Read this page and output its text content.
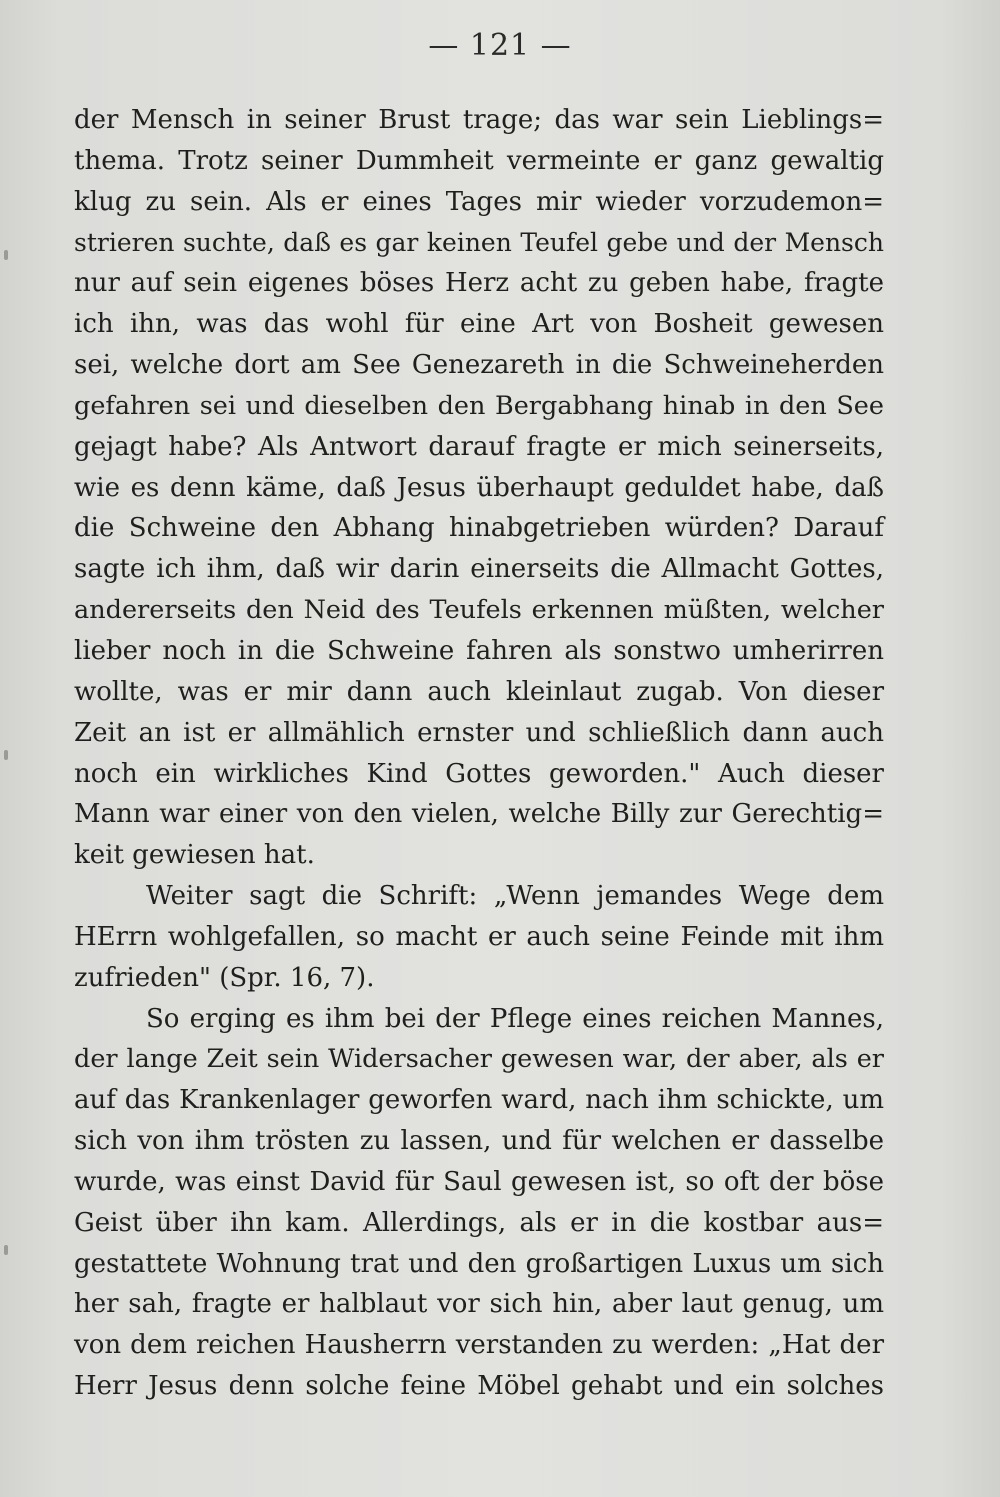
— 121 —
der Mensch in seiner Brust trage; das war sein Lieblings=
thema. Trotz seiner Dummheit vermeinte er ganz gewaltig
klug zu sein. Als er eines Tages mir wieder vorzudemon=
strieren suchte, daß es gar keinen Teufel gebe und der Mensch
nur auf sein eigenes böses Herz acht zu geben habe, fragte
ich ihn, was das wohl für eine Art von Bosheit gewesen
sei, welche dort am See Genezareth in die Schweineherden
gefahren sei und dieselben den Bergabhang hinab in den See
gejagt habe? Als Antwort darauf fragte er mich seinerseits,
wie es denn käme, daß Jesus überhaupt geduldet habe, daß
die Schweine den Abhang hinabgetrieben würden? Darauf
sagte ich ihm, daß wir darin einerseits die Allmacht Gottes,
andererseits den Neid des Teufels erkennen müßten, welcher
lieber noch in die Schweine fahren als sonstwo umherirren
wollte, was er mir dann auch kleinlaut zugab. Von dieser
Zeit an ist er allmählich ernster und schließlich dann auch
noch ein wirkliches Kind Gottes geworden." Auch dieser
Mann war einer von den vielen, welche Billy zur Gerechtig=
keit gewiesen hat.
Weiter sagt die Schrift: „Wenn jemandes Wege dem
HErrn wohlgefallen, so macht er auch seine Feinde mit ihm
zufrieden" (Spr. 16, 7).
So erging es ihm bei der Pflege eines reichen Mannes,
der lange Zeit sein Widersacher gewesen war, der aber, als er
auf das Krankenlager geworfen ward, nach ihm schickte, um
sich von ihm trösten zu lassen, und für welchen er dasselbe
wurde, was einst David für Saul gewesen ist, so oft der böse
Geist über ihn kam. Allerdings, als er in die kostbar aus=
gestattete Wohnung trat und den großartigen Luxus um sich
her sah, fragte er halblaut vor sich hin, aber laut genug, um
von dem reichen Hausherrn verstanden zu werden: „Hat der
Herr Jesus denn solche feine Möbel gehabt und ein solches
